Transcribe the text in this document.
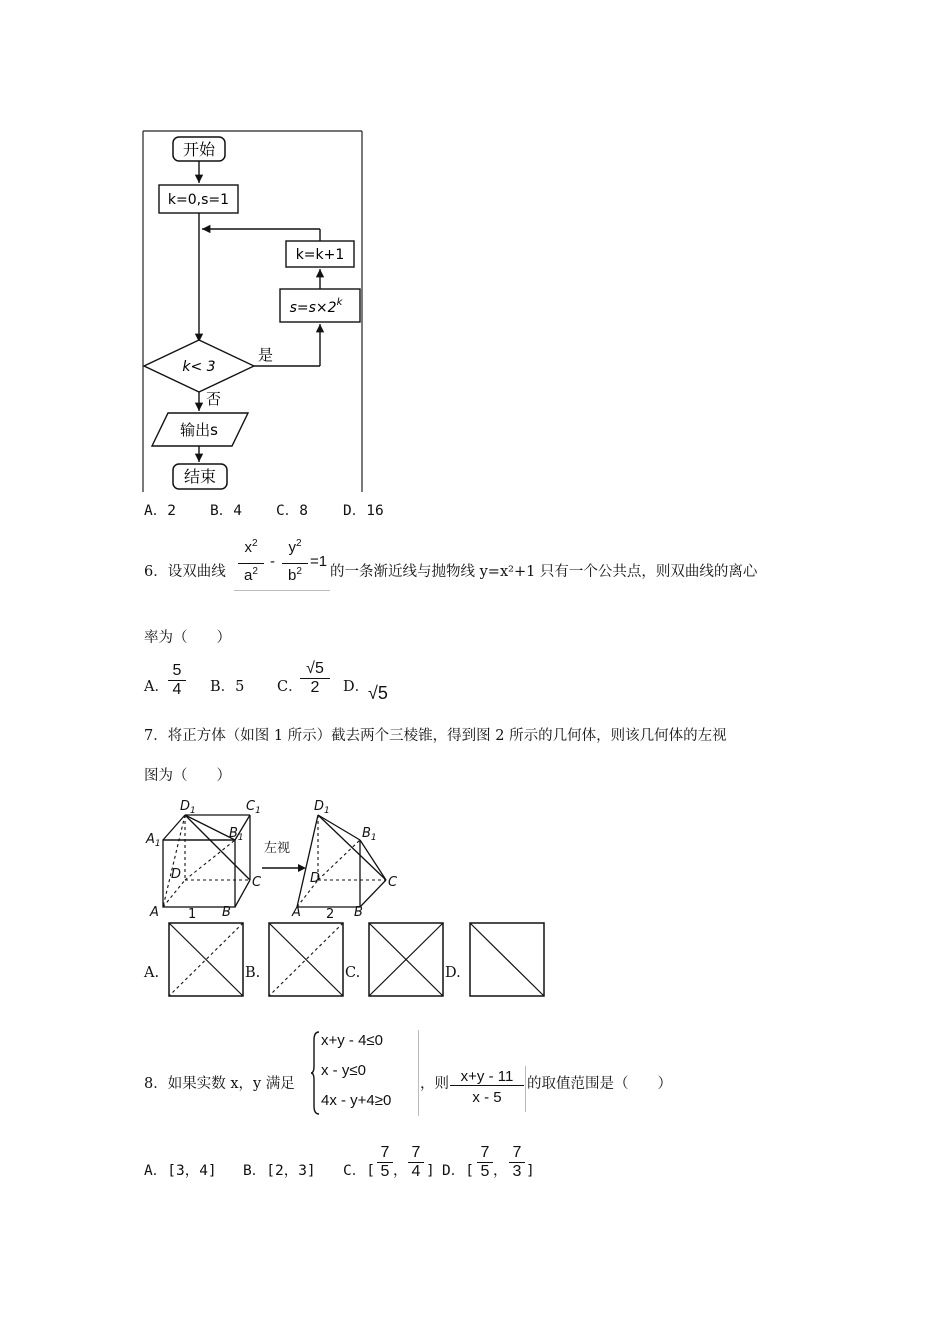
开始
k=0,s=1
k=k+1
$s=s\times 2^k$
k< 3
是
否
输出s
结束
A．2 B．4 C．8 D．16
6．设双曲线
$x^2$
$a^2$
-
$y^2$
$b^2$
=1
的一条渐近线与抛物线 y=x²+1 只有一个公共点，则双曲线的离心
率为（　　）
A．
5
4	B．5 C．
√5
2	D．
√5
7．将正方体（如图 1 所示）截去两个三棱锥，得到图 2 所示的几何体，则该几何体的左视
图为（　　）
$D_1$	$C_1$
$A_1$
$B_1$
D
C
A	B
1
左视
$D_1$
$B_1$
D	C
A	B
2
A.	B.	C.	D.
8．如果实数 x，y 满足
x+y - 4≤0
x - y≤0
4x - y+4≥0
，则 x+y - 11
x - 5
的取值范围是（　　）
A．[3，4] B．[2，3] C．[
7
5 ，
7
4 ] D．[
7
5 ，
7
3 ]
